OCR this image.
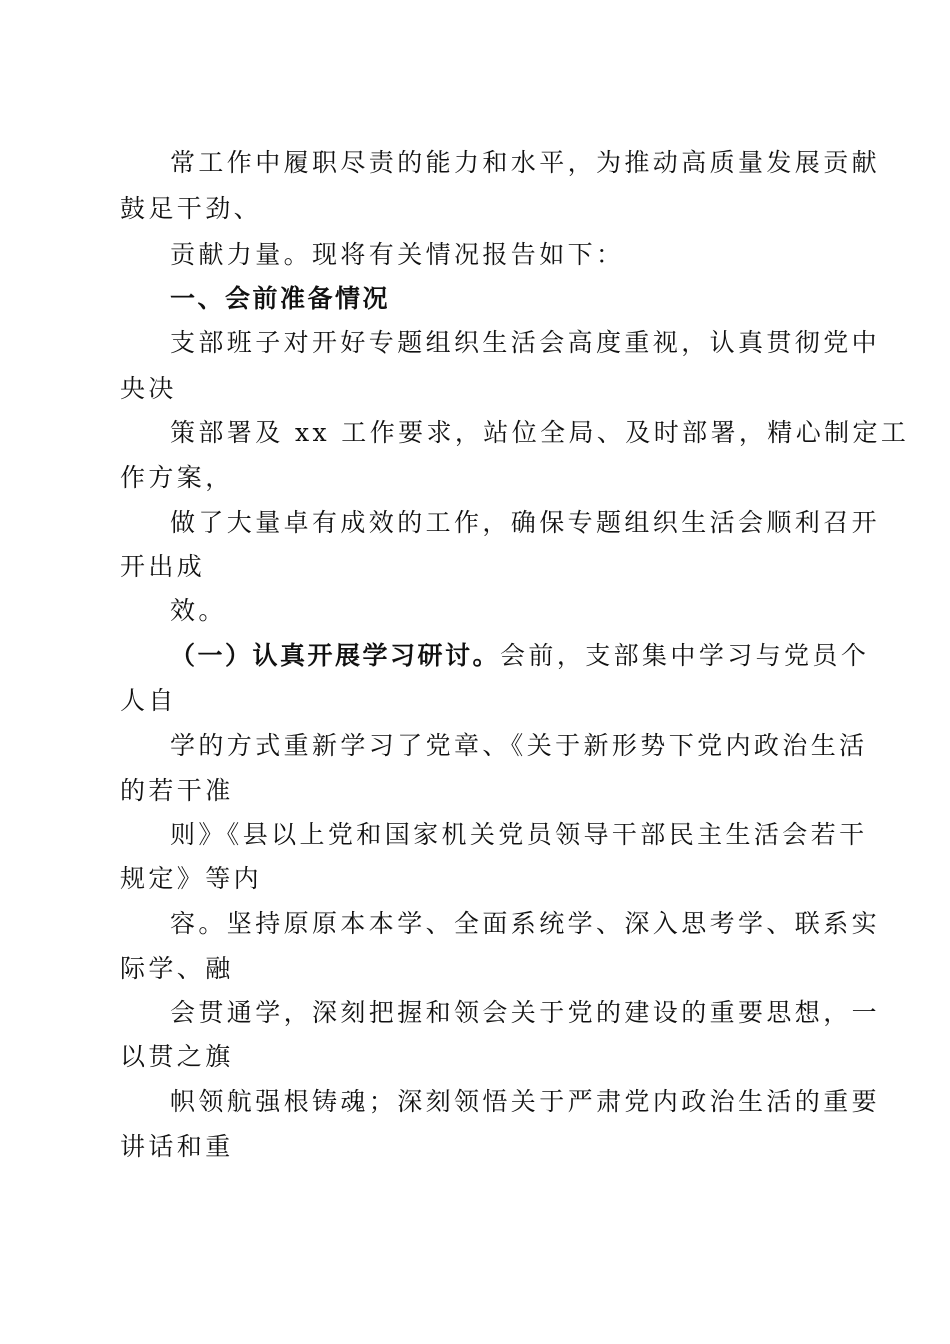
常工作中履职尽责的能力和水平，为推动高质量发展贡献
鼓足干劲、
贡献力量。现将有关情况报告如下：
一、会前准备情况
支部班子对开好专题组织生活会高度重视，认真贯彻党中
央决
策部署及 xx 工作要求，站位全局、及时部署，精心制定工
作方案，
做了大量卓有成效的工作，确保专题组织生活会顺利召开
开出成
效。
（一）认真开展学习研讨。会前，支部集中学习与党员个
人自
学的方式重新学习了党章、《关于新形势下党内政治生活
的若干准
则》《县以上党和国家机关党员领导干部民主生活会若干
规定》等内
容。坚持原原本本学、全面系统学、深入思考学、联系实
际学、融
会贯通学，深刻把握和领会关于党的建设的重要思想，一
以贯之旗
帜领航强根铸魂；深刻领悟关于严肃党内政治生活的重要
讲话和重
